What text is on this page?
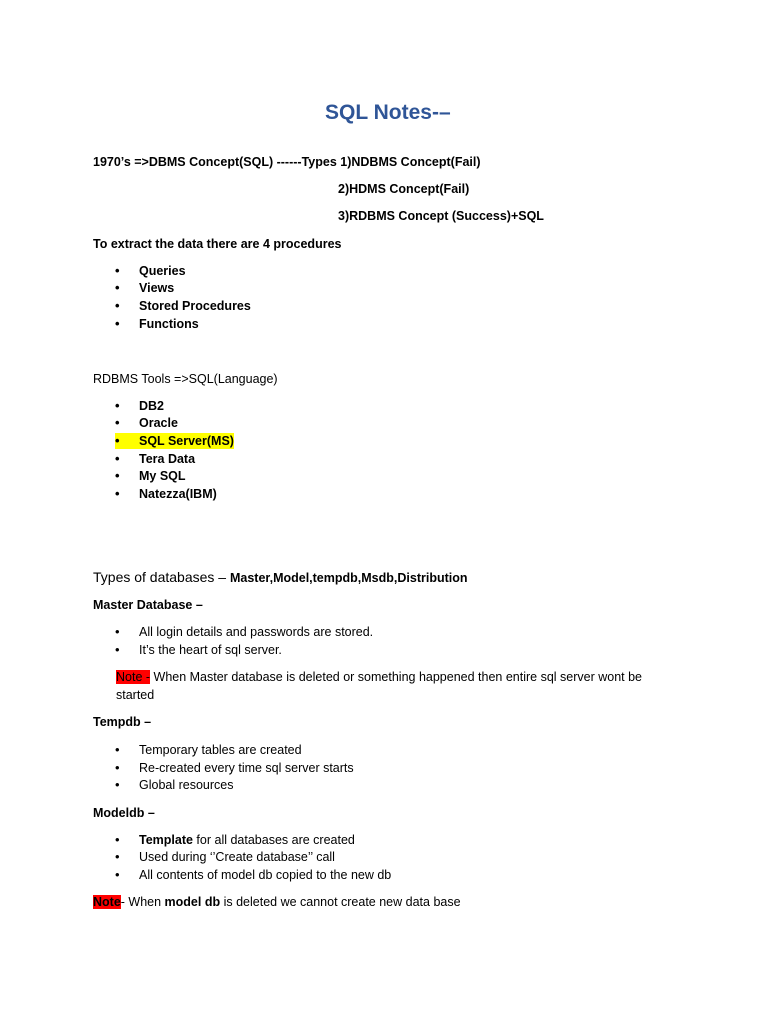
SQL Notes-–
1970’s =>DBMS Concept(SQL) ------Types 1)NDBMS Concept(Fail)
2)HDMS Concept(Fail)
3)RDBMS Concept (Success)+SQL
To extract the data there are 4 procedures
• Queries
• Views
• Stored Procedures
• Functions
RDBMS Tools =>SQL(Language)
• DB2
• Oracle
• SQL Server(MS)
• Tera Data
• My SQL
• Natezza(IBM)
Types of databases – Master,Model,tempdb,Msdb,Distribution
Master Database –
• All login details and passwords are stored.
• It’s the heart of sql server.
Note - When Master database is deleted or something happened then entire sql server wont be
started
Tempdb –
• Temporary tables are created
• Re-created every time sql server starts
• Global resources
Modeldb –
• Template for all databases are created
• Used during ‘’Create database’’ call
• All contents of model db copied to the new db
Note- When model db is deleted we cannot create new data base
